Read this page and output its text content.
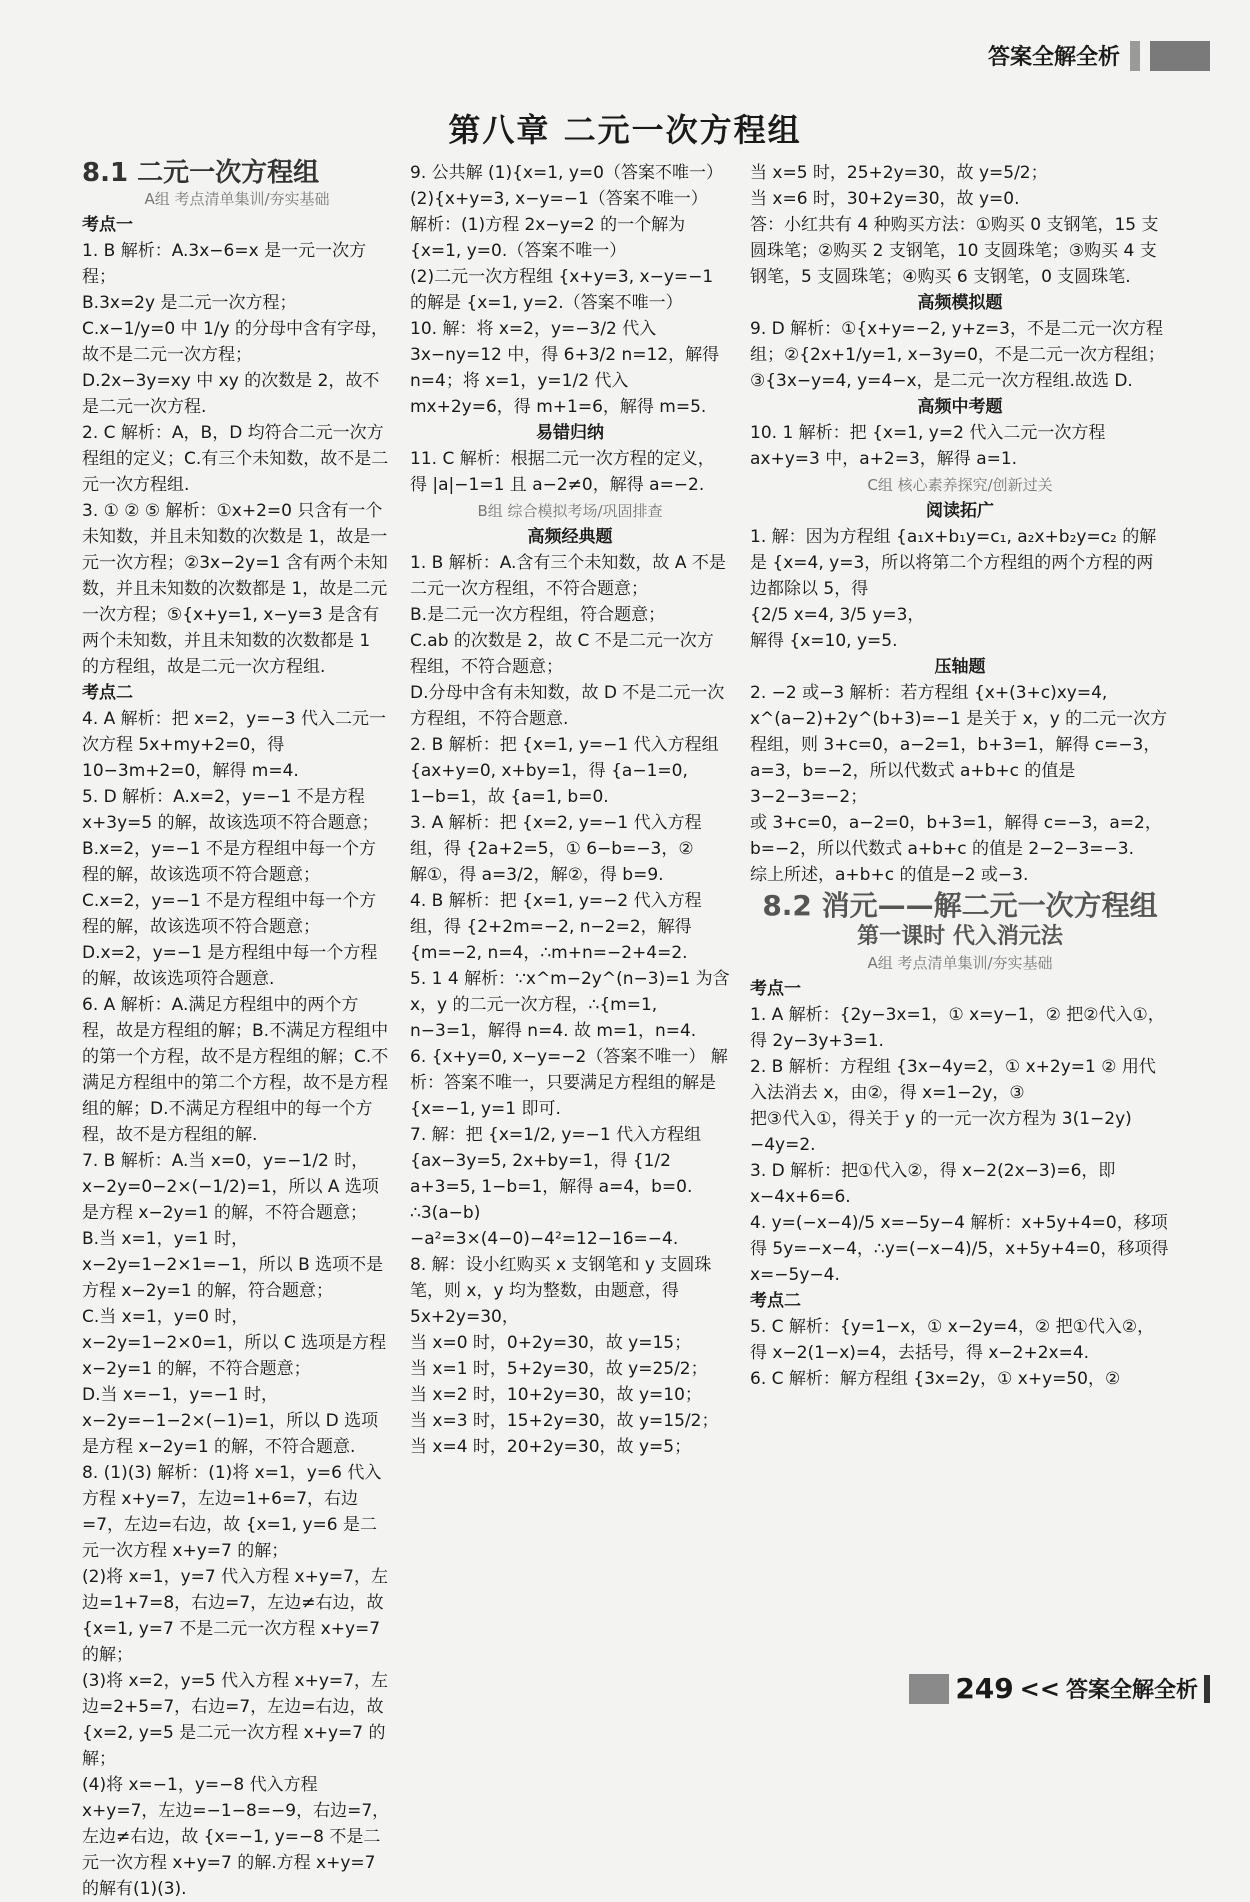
答案全解全析
第八章 二元一次方程组

8.1 二元一次方程组

A组 考点清单集训/夯实基础

考点一

1. B 解析：A.3x−6=x 是一元一次方程；

B.3x=2y 是二元一次方程；

C.x−1/y=0 中 1/y 的分母中含有字母，故不是二元一次方程；

D.2x−3y=xy 中 xy 的次数是 2，故不是二元一次方程.

2. C 解析：A，B，D 均符合二元一次方程组的定义；C.有三个未知数，故不是二元一次方程组.

3. ① ② ⑤ 解析：①x+2=0 只含有一个未知数，并且未知数的次数是 1，故是一元一次方程；②3x−2y=1 含有两个未知数，并且未知数的次数都是 1，故是二元一次方程；⑤{x+y=1, x−y=3 是含有两个未知数，并且未知数的次数都是 1 的方程组，故是二元一次方程组.

考点二

4. A 解析：把 x=2，y=−3 代入二元一次方程 5x+my+2=0，得 10−3m+2=0，解得 m=4.

5. D 解析：A.x=2，y=−1 不是方程 x+3y=5 的解，故该选项不符合题意；

B.x=2，y=−1 不是方程组中每一个方程的解，故该选项不符合题意；

C.x=2，y=−1 不是方程组中每一个方程的解，故该选项不符合题意；

D.x=2，y=−1 是方程组中每一个方程的解，故该选项符合题意.

6. A 解析：A.满足方程组中的两个方程，故是方程组的解；B.不满足方程组中的第一个方程，故不是方程组的解；C.不满足方程组中的第二个方程，故不是方程组的解；D.不满足方程组中的每一个方程，故不是方程组的解.

7. B 解析：A.当 x=0，y=−1/2 时，x−2y=0−2×(−1/2)=1，所以 A 选项是方程 x−2y=1 的解，不符合题意；

B.当 x=1，y=1 时，x−2y=1−2×1=−1，所以 B 选项不是方程 x−2y=1 的解，符合题意；

C.当 x=1，y=0 时，x−2y=1−2×0=1，所以 C 选项是方程 x−2y=1 的解，不符合题意；

D.当 x=−1，y=−1 时，x−2y=−1−2×(−1)=1，所以 D 选项是方程 x−2y=1 的解，不符合题意.

8. (1)(3) 解析：(1)将 x=1，y=6 代入方程 x+y=7，左边=1+6=7，右边=7，左边=右边，故 {x=1, y=6 是二元一次方程 x+y=7 的解；

(2)将 x=1，y=7 代入方程 x+y=7，左边=1+7=8，右边=7，左边≠右边，故 {x=1, y=7 不是二元一次方程 x+y=7 的解；

(3)将 x=2，y=5 代入方程 x+y=7，左边=2+5=7，右边=7，左边=右边，故 {x=2, y=5 是二元一次方程 x+y=7 的解；

(4)将 x=−1，y=−8 代入方程 x+y=7，左边=−1−8=−9，右边=7，左边≠右边，故 {x=−1, y=−8 不是二元一次方程 x+y=7 的解.方程 x+y=7 的解有(1)(3).

9. 公共解 (1){x=1, y=0（答案不唯一）

(2){x+y=3, x−y=−1（答案不唯一）

解析：(1)方程 2x−y=2 的一个解为 {x=1, y=0.（答案不唯一）

(2)二元一次方程组 {x+y=3, x−y=−1 的解是 {x=1, y=2.（答案不唯一）

10. 解：将 x=2，y=−3/2 代入 3x−ny=12 中，得 6+3/2 n=12，解得 n=4；将 x=1，y=1/2 代入 mx+2y=6，得 m+1=6，解得 m=5.

易错归纳

11. C 解析：根据二元一次方程的定义，得 |a|−1=1 且 a−2≠0，解得 a=−2.

B组 综合模拟考场/巩固排查

高频经典题

1. B 解析：A.含有三个未知数，故 A 不是二元一次方程组，不符合题意；

B.是二元一次方程组，符合题意；

C.ab 的次数是 2，故 C 不是二元一次方程组，不符合题意；

D.分母中含有未知数，故 D 不是二元一次方程组，不符合题意.

2. B 解析：把 {x=1, y=−1 代入方程组 {ax+y=0, x+by=1，得 {a−1=0, 1−b=1，故 {a=1, b=0.

3. A 解析：把 {x=2, y=−1 代入方程组，得 {2a+2=5，① 6−b=−3，②

解①，得 a=3/2，解②，得 b=9.

4. B 解析：把 {x=1, y=−2 代入方程组，得 {2+2m=−2, n−2=2，解得 {m=−2, n=4，∴m+n=−2+4=2.

5. 1 4 解析：∵x^m−2y^(n−3)=1 为含 x，y 的二元一次方程，∴{m=1, n−3=1，解得 n=4. 故 m=1，n=4.

6. {x+y=0, x−y=−2（答案不唯一） 解析：答案不唯一，只要满足方程组的解是 {x=−1, y=1 即可.

7. 解：把 {x=1/2, y=−1 代入方程组 {ax−3y=5, 2x+by=1，得 {1/2 a+3=5, 1−b=1，解得 a=4，b=0.

∴3(a−b)−a²=3×(4−0)−4²=12−16=−4.

8. 解：设小红购买 x 支钢笔和 y 支圆珠笔，则 x，y 均为整数，由题意，得 5x+2y=30，

当 x=0 时，0+2y=30，故 y=15；

当 x=1 时，5+2y=30，故 y=25/2；

当 x=2 时，10+2y=30，故 y=10；

当 x=3 时，15+2y=30，故 y=15/2；

当 x=4 时，20+2y=30，故 y=5；

当 x=5 时，25+2y=30，故 y=5/2；

当 x=6 时，30+2y=30，故 y=0.

答：小红共有 4 种购买方法：①购买 0 支钢笔，15 支圆珠笔；②购买 2 支钢笔，10 支圆珠笔；③购买 4 支钢笔，5 支圆珠笔；④购买 6 支钢笔，0 支圆珠笔.

高频模拟题

9. D 解析：①{x+y=−2, y+z=3，不是二元一次方程组；②{2x+1/y=1, x−3y=0，不是二元一次方程组；

③{3x−y=4, y=4−x，是二元一次方程组.故选 D.

高频中考题

10. 1 解析：把 {x=1, y=2 代入二元一次方程 ax+y=3 中，a+2=3，解得 a=1.

C组 核心素养探究/创新过关

阅读拓广

1. 解：因为方程组 {a₁x+b₁y=c₁, a₂x+b₂y=c₂ 的解是 {x=4, y=3，所以将第二个方程组的两个方程的两边都除以 5，得

{2/5 x=4, 3/5 y=3，

解得 {x=10, y=5.

压轴题

2. −2 或−3 解析：若方程组 {x+(3+c)xy=4, x^(a−2)+2y^(b+3)=−1 是关于 x，y 的二元一次方程组，则 3+c=0，a−2=1，b+3=1，解得 c=−3，a=3，b=−2，所以代数式 a+b+c 的值是 3−2−3=−2；

或 3+c=0，a−2=0，b+3=1，解得 c=−3，a=2，b=−2，所以代数式 a+b+c 的值是 2−2−3=−3.

综上所述，a+b+c 的值是−2 或−3.

8.2 消元——解二元一次方程组

第一课时 代入消元法

A组 考点清单集训/夯实基础

考点一

1. A 解析：{2y−3x=1，① x=y−1，② 把②代入①，得 2y−3y+3=1.

2. B 解析：方程组 {3x−4y=2，① x+2y=1 ② 用代入法消去 x，由②，得 x=1−2y，③

把③代入①，得关于 y 的一元一次方程为 3(1−2y)−4y=2.

3. D 解析：把①代入②，得 x−2(2x−3)=6，即 x−4x+6=6.

4. y=(−x−4)/5 x=−5y−4 解析：x+5y+4=0，移项得 5y=−x−4，∴y=(−x−4)/5，x+5y+4=0，移项得 x=−5y−4.

考点二

5. C 解析：{y=1−x，① x−2y=4，② 把①代入②，得 x−2(1−x)=4，去括号，得 x−2+2x=4.

6. C 解析：解方程组 {3x=2y，① x+y=50，②

249 << 答案全解全析
